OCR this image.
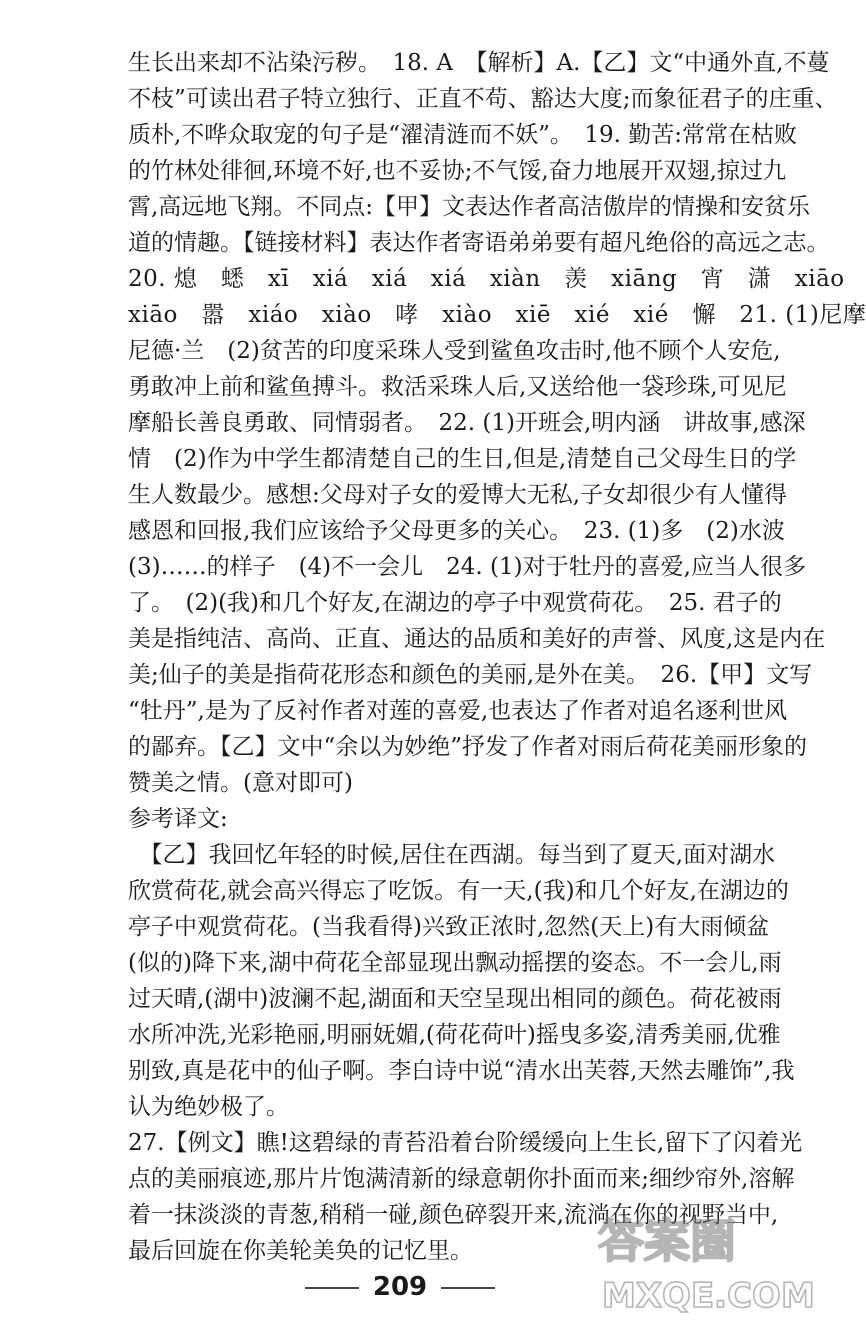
生长出来却不沾染污秽。　18. A　【解析】A.【乙】文“中通外直,不蔓
不枝”可读出君子特立独行、正直不苟、豁达大度;而象征君子的庄重、
质朴,不哗众取宠的句子是“濯清涟而不妖”。　19. 勤苦:常常在枯败
的竹林处徘徊,环境不好,也不妥协;不气馁,奋力地展开双翅,掠过九
霄,高远地飞翔。不同点:【甲】文表达作者高洁傲岸的情操和安贫乐
道的情趣。【链接材料】表达作者寄语弟弟要有超凡绝俗的高远之志。
20. 熄　蟋　xī　xiá　xiá　xiá　xiàn　羡　xiāng　宵　潇　xiāo
xiāo　嚣　xiáo　xiào　哮　xiào　xiē　xié　xié　懈　21. (1)尼摩
尼德·兰　(2)贫苦的印度采珠人受到鲨鱼攻击时,他不顾个人安危,
勇敢冲上前和鲨鱼搏斗。救活采珠人后,又送给他一袋珍珠,可见尼
摩船长善良勇敢、同情弱者。　22. (1)开班会,明内涵　讲故事,感深
情　(2)作为中学生都清楚自己的生日,但是,清楚自己父母生日的学
生人数最少。感想:父母对子女的爱博大无私,子女却很少有人懂得
感恩和回报,我们应该给予父母更多的关心。　23. (1)多　(2)水波
(3)……的样子　(4)不一会儿　24. (1)对于牡丹的喜爱,应当人很多
了。　(2)(我)和几个好友,在湖边的亭子中观赏荷花。　25. 君子的
美是指纯洁、高尚、正直、通达的品质和美好的声誉、风度,这是内在
美;仙子的美是指荷花形态和颜色的美丽,是外在美。　26.【甲】文写
“牡丹”,是为了反衬作者对莲的喜爱,也表达了作者对追名逐利世风
的鄙弃。【乙】文中“余以为妙绝”抒发了作者对雨后荷花美丽形象的
赞美之情。(意对即可)
参考译文:
　【乙】我回忆年轻的时候,居住在西湖。每当到了夏天,面对湖水
欣赏荷花,就会高兴得忘了吃饭。有一天,(我)和几个好友,在湖边的
亭子中观赏荷花。(当我看得)兴致正浓时,忽然(天上)有大雨倾盆
(似的)降下来,湖中荷花全部显现出飘动摇摆的姿态。不一会儿,雨
过天晴,(湖中)波澜不起,湖面和天空呈现出相同的颜色。荷花被雨
水所冲洗,光彩艳丽,明丽妩媚,(荷花荷叶)摇曳多姿,清秀美丽,优雅
别致,真是花中的仙子啊。李白诗中说“清水出芙蓉,天然去雕饰”,我
认为绝妙极了。
27.【例文】瞧!这碧绿的青苔沿着台阶缓缓向上生长,留下了闪着光
点的美丽痕迹,那片片饱满清新的绿意朝你扑面而来;细纱帘外,溶解
着一抹淡淡的青葱,稍稍一碰,颜色碎裂开来,流淌在你的视野当中,
最后回旋在你美轮美奂的记忆里。
209
答案圈
MXQE.COM
